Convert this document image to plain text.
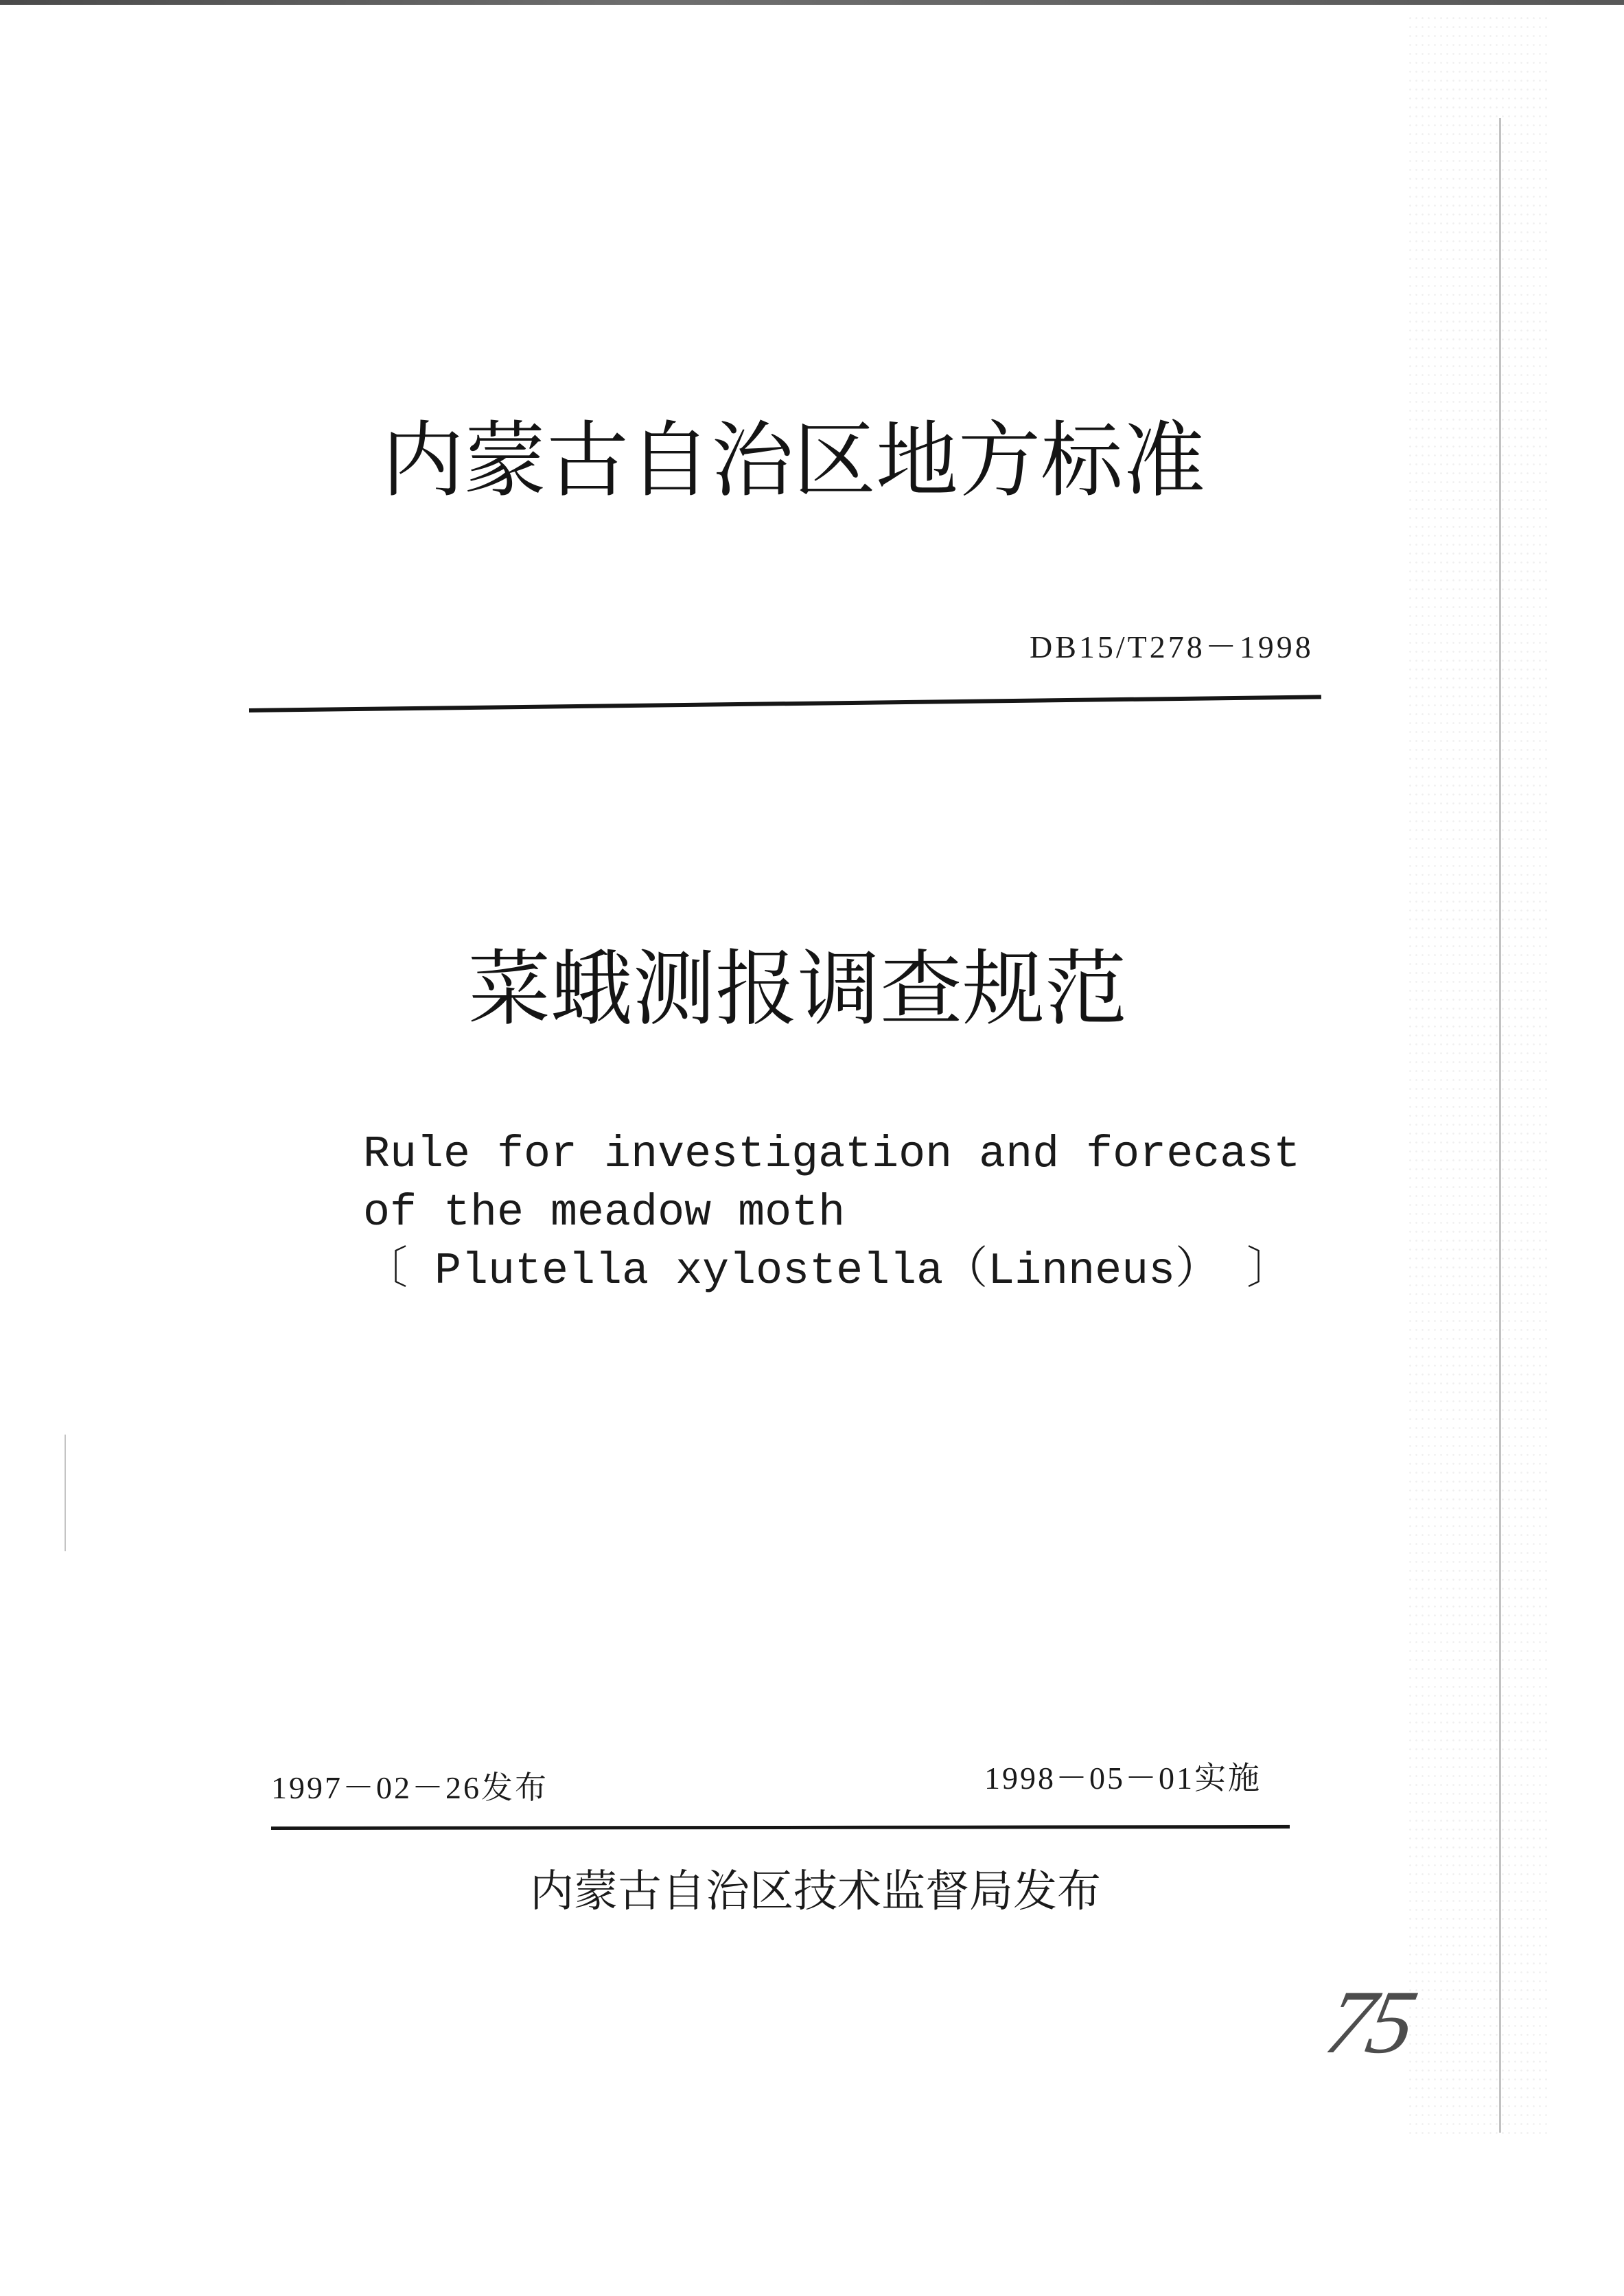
内蒙古自治区地方标准
DB15/T278－1998
菜蛾测报调查规范
Rule for investigation and forecast
of the meadow moth
〔 Plutella xylostella（Linneus） 〕
1997－02－26发布	1998－05－01实施
内蒙古自治区技术监督局发布
75
